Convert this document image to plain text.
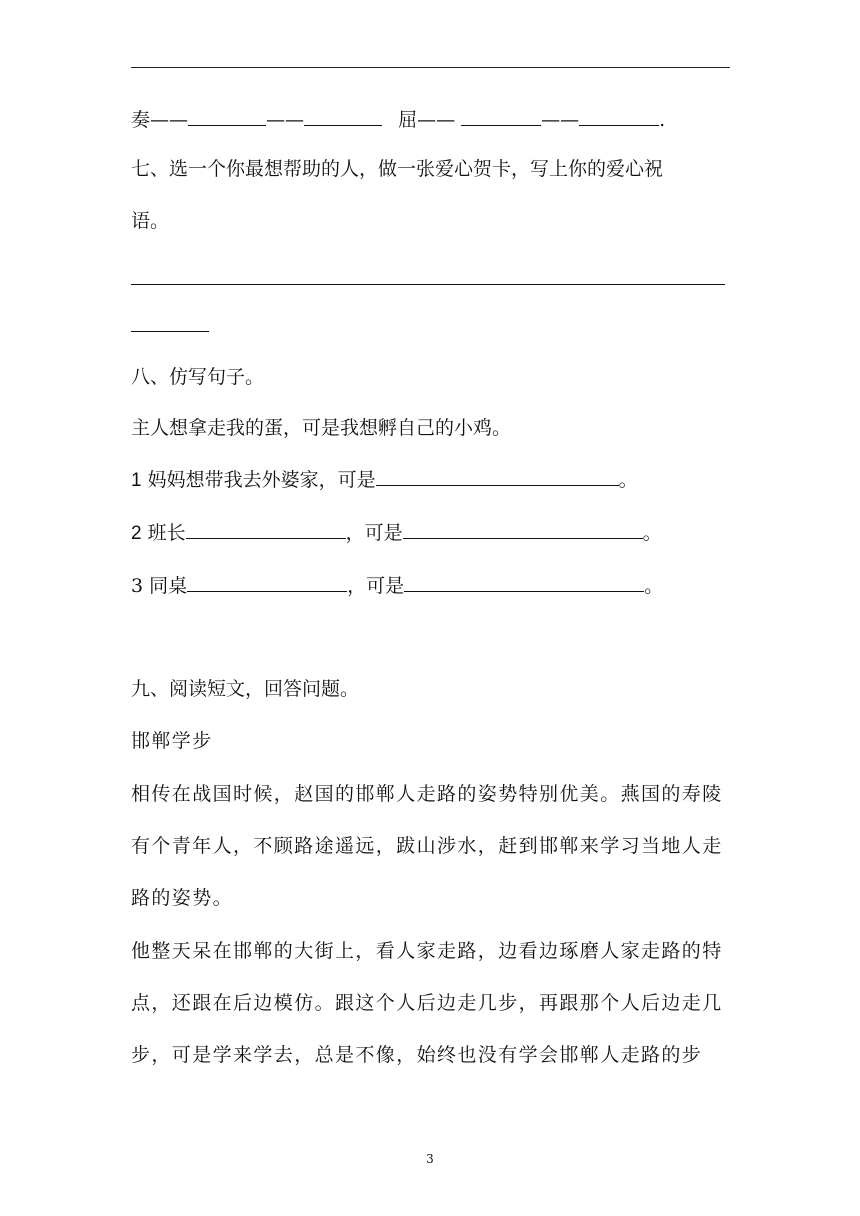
奏——	——	屈——	——	.
七、选一个你最想帮助的人，做一张爱心贺卡，写上你的爱心祝
语。
八、仿写句子。
主人想拿走我的蛋，可是我想孵自己的小鸡。
1 妈妈想带我去外婆家，可是	。
2 班长	，可是	。
3 同桌	，可是	。
九、阅读短文，回答问题。
邯郸学步
相传在战国时候，赵国的邯郸人走路的姿势特别优美。燕国的寿陵
有个青年人，不顾路途遥远，跋山涉水，赶到邯郸来学习当地人走
路的姿势。
他整天呆在邯郸的大街上，看人家走路，边看边琢磨人家走路的特
点，还跟在后边模仿。跟这个人后边走几步，再跟那个人后边走几
步，可是学来学去，总是不像，始终也没有学会邯郸人走路的步
3
